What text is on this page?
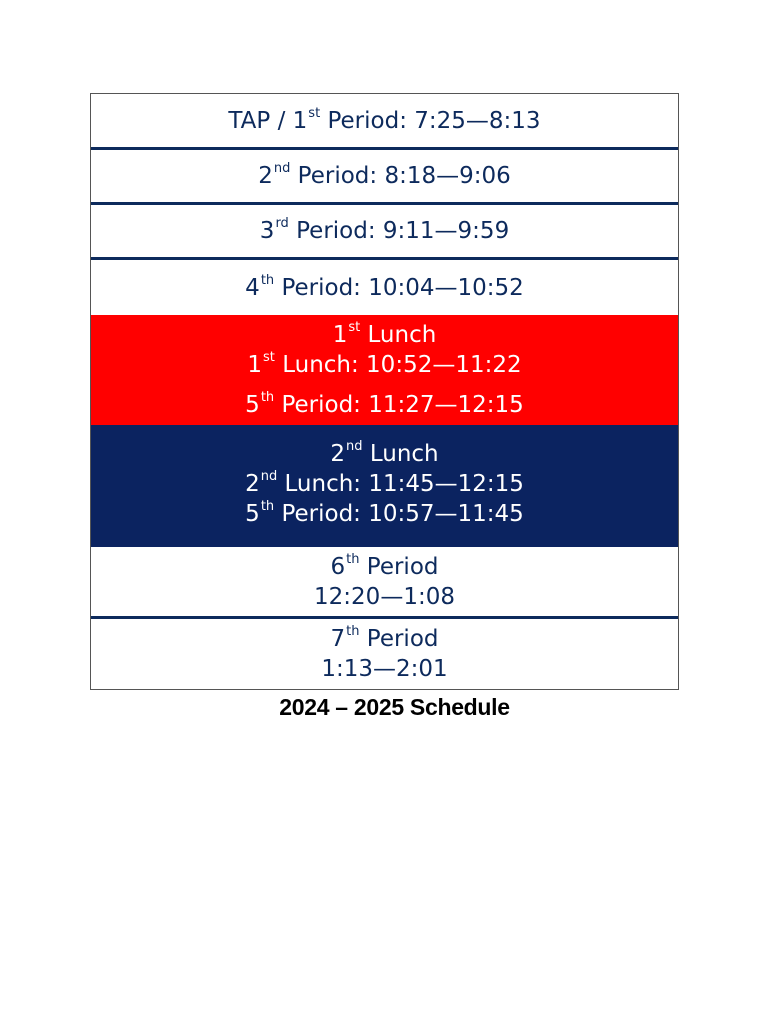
TAP / 1st Period: 7:25—8:13
2nd Period: 8:18—9:06
3rd Period: 9:11—9:59
4th Period: 10:04—10:52
1st Lunch
1st Lunch: 10:52—11:22
5th Period: 11:27—12:15
2nd Lunch
2nd Lunch: 11:45—12:15
5th Period: 10:57—11:45
6th Period
12:20—1:08
7th Period
1:13—2:01
2024 – 2025 Schedule
